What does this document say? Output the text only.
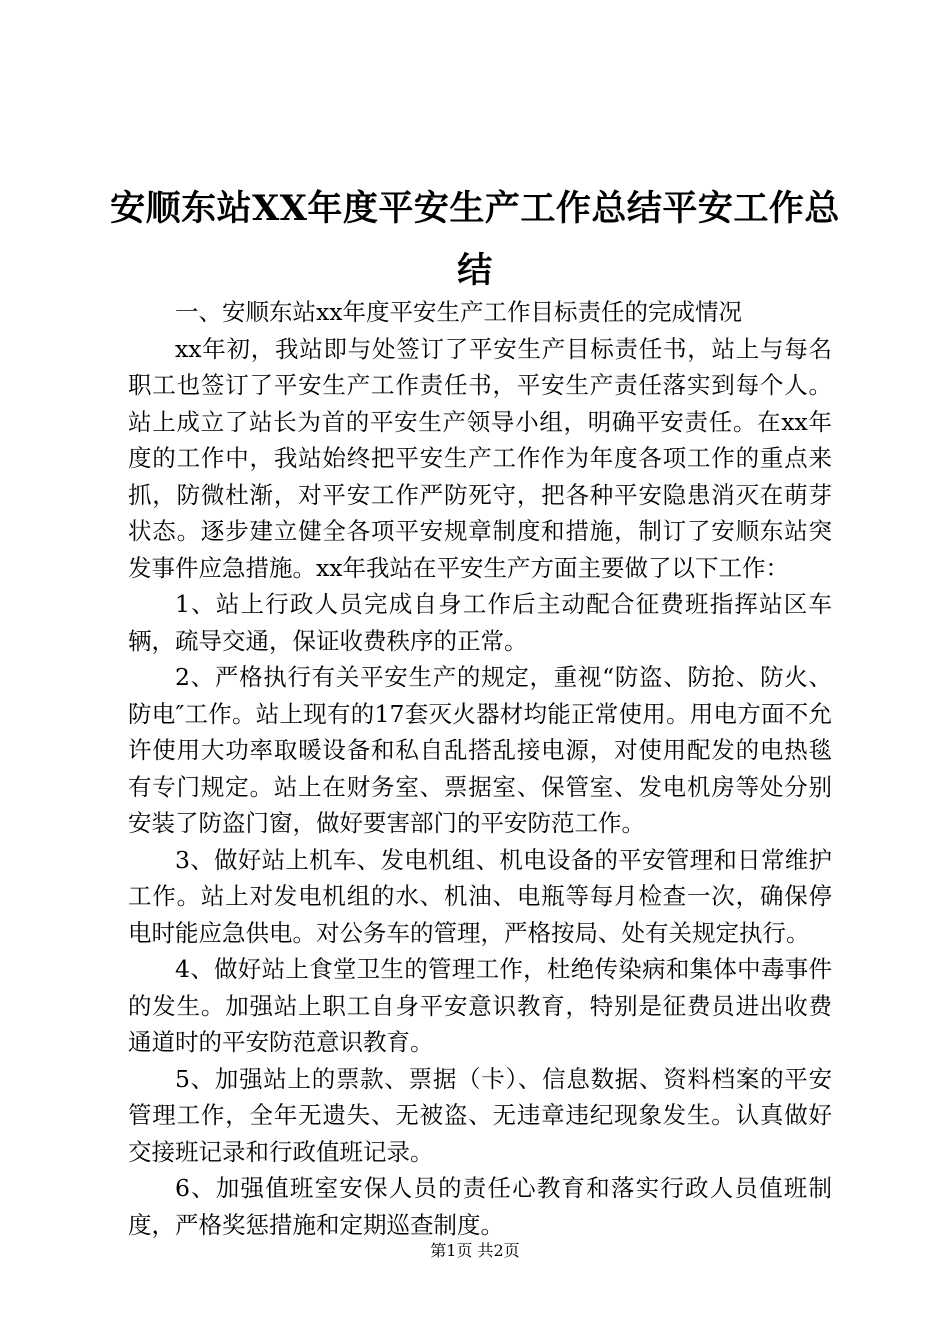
安顺东站XX年度平安生产工作总结平安工作总结

一、安顺东站xx年度平安生产工作目标责任的完成情况

xx年初，我站即与处签订了平安生产目标责任书，站上与每名职工也签订了平安生产工作责任书，平安生产责任落实到每个人。站上成立了站长为首的平安生产领导小组，明确平安责任。在xx年度的工作中，我站始终把平安生产工作作为年度各项工作的重点来抓，防微杜渐，对平安工作严防死守，把各种平安隐患消灭在萌芽状态。逐步建立健全各项平安规章制度和措施，制订了安顺东站突发事件应急措施。xx年我站在平安生产方面主要做了以下工作：

1、站上行政人员完成自身工作后主动配合征费班指挥站区车辆，疏导交通，保证收费秩序的正常。

2、严格执行有关平安生产的规定，重视“防盗、防抢、防火、防电″工作。站上现有的17套灭火器材均能正常使用。用电方面不允许使用大功率取暖设备和私自乱搭乱接电源，对使用配发的电热毯有专门规定。站上在财务室、票据室、保管室、发电机房等处分别安装了防盗门窗，做好要害部门的平安防范工作。

3、做好站上机车、发电机组、机电设备的平安管理和日常维护工作。站上对发电机组的水、机油、电瓶等每月检查一次，确保停电时能应急供电。对公务车的管理，严格按局、处有关规定执行。

4、做好站上食堂卫生的管理工作，杜绝传染病和集体中毒事件的发生。加强站上职工自身平安意识教育，特别是征费员进出收费通道时的平安防范意识教育。

5、加强站上的票款、票据（卡）、信息数据、资料档案的平安管理工作，全年无遗失、无被盗、无违章违纪现象发生。认真做好交接班记录和行政值班记录。

6、加强值班室安保人员的责任心教育和落实行政人员值班制度，严格奖惩措施和定期巡查制度。

第1页 共2页
